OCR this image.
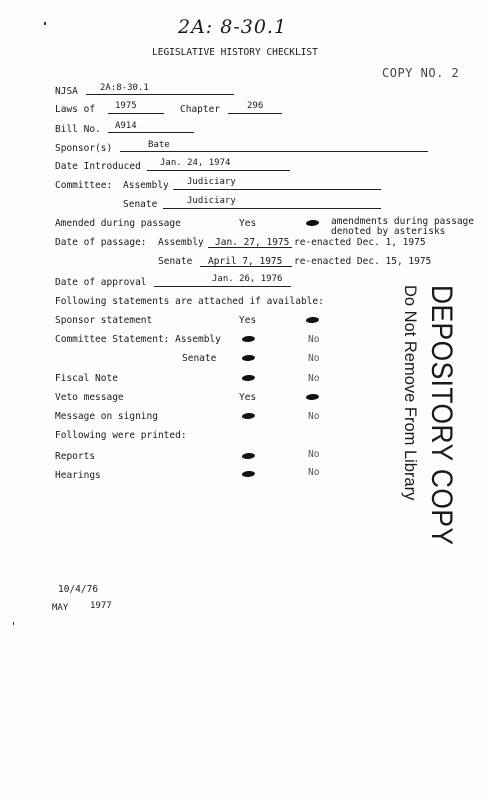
2A: 8-30.1
LEGISLATIVE HISTORY CHECKLIST
COPY NO. 2
NJSA 2A:8-30.1
Laws of 1975	Chapter	296
Bill No. A914
Sponsor(s)	Bate
Date Introduced Jan. 24, 1974
Committee: Assembly Judiciary
Senate	Judiciary
Amended during passage	Yes	amendments during passage
denoted by asterisks
Date of passage: Assembly Jan. 27, 1975 re-enacted Dec. 1, 1975
Senate April 7, 1975 re-enacted Dec. 15, 1975
Date of approval	Jan. 26, 1976
Following statements are attached if available:
Sponsor statement	Yes
Committee Statement: Assembly	No
Senate	No
Fiscal Note	No
Veto message	Yes
Message on signing	No
Following were printed:
Reports	No
Hearings	No
10/4/76
MAY 1977
DEPOSITORY COPY
Do Not Remove From Library
